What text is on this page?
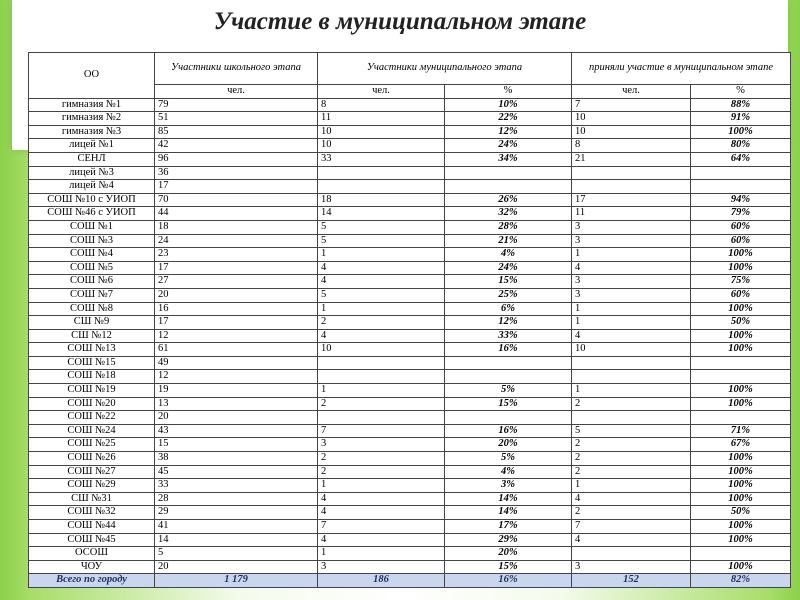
Участие в муниципальном этапе
ОО	Участники школьного этапа	Участники муниципального этапа		приняли участие в муниципальном этапе	
	чел.	чел.	%	чел.	%
гимназия №1	79	8	10%	7	88%
гимназия №2	51	11	22%	10	91%
гимназия №3	85	10	12%	10	100%
лицей №1	42	10	24%	8	80%
СЕНЛ	96	33	34%	21	64%
лицей №3	36				
лицей №4	17				
СОШ №10 с УИОП	70	18	26%	17	94%
СОШ №46 с УИОП	44	14	32%	11	79%
СОШ №1	18	5	28%	3	60%
СОШ №3	24	5	21%	3	60%
СОШ №4	23	1	4%	1	100%
СОШ №5	17	4	24%	4	100%
СОШ №6	27	4	15%	3	75%
СОШ №7	20	5	25%	3	60%
СОШ №8	16	1	6%	1	100%
СШ №9	17	2	12%	1	50%
СШ №12	12	4	33%	4	100%
СОШ №13	61	10	16%	10	100%
СОШ №15	49				
СОШ №18	12				
СОШ №19	19	1	5%	1	100%
СОШ №20	13	2	15%	2	100%
СОШ №22	20				
СОШ №24	43	7	16%	5	71%
СОШ №25	15	3	20%	2	67%
СОШ №26	38	2	5%	2	100%
СОШ №27	45	2	4%	2	100%
СОШ №29	33	1	3%	1	100%
СШ №31	28	4	14%	4	100%
СОШ №32	29	4	14%	2	50%
СОШ №44	41	7	17%	7	100%
СОШ №45	14	4	29%	4	100%
ОСОШ	5	1	20%		
ЧОУ	20	3	15%	3	100%
Всего по городу	1 179	186	16%	152	82%
